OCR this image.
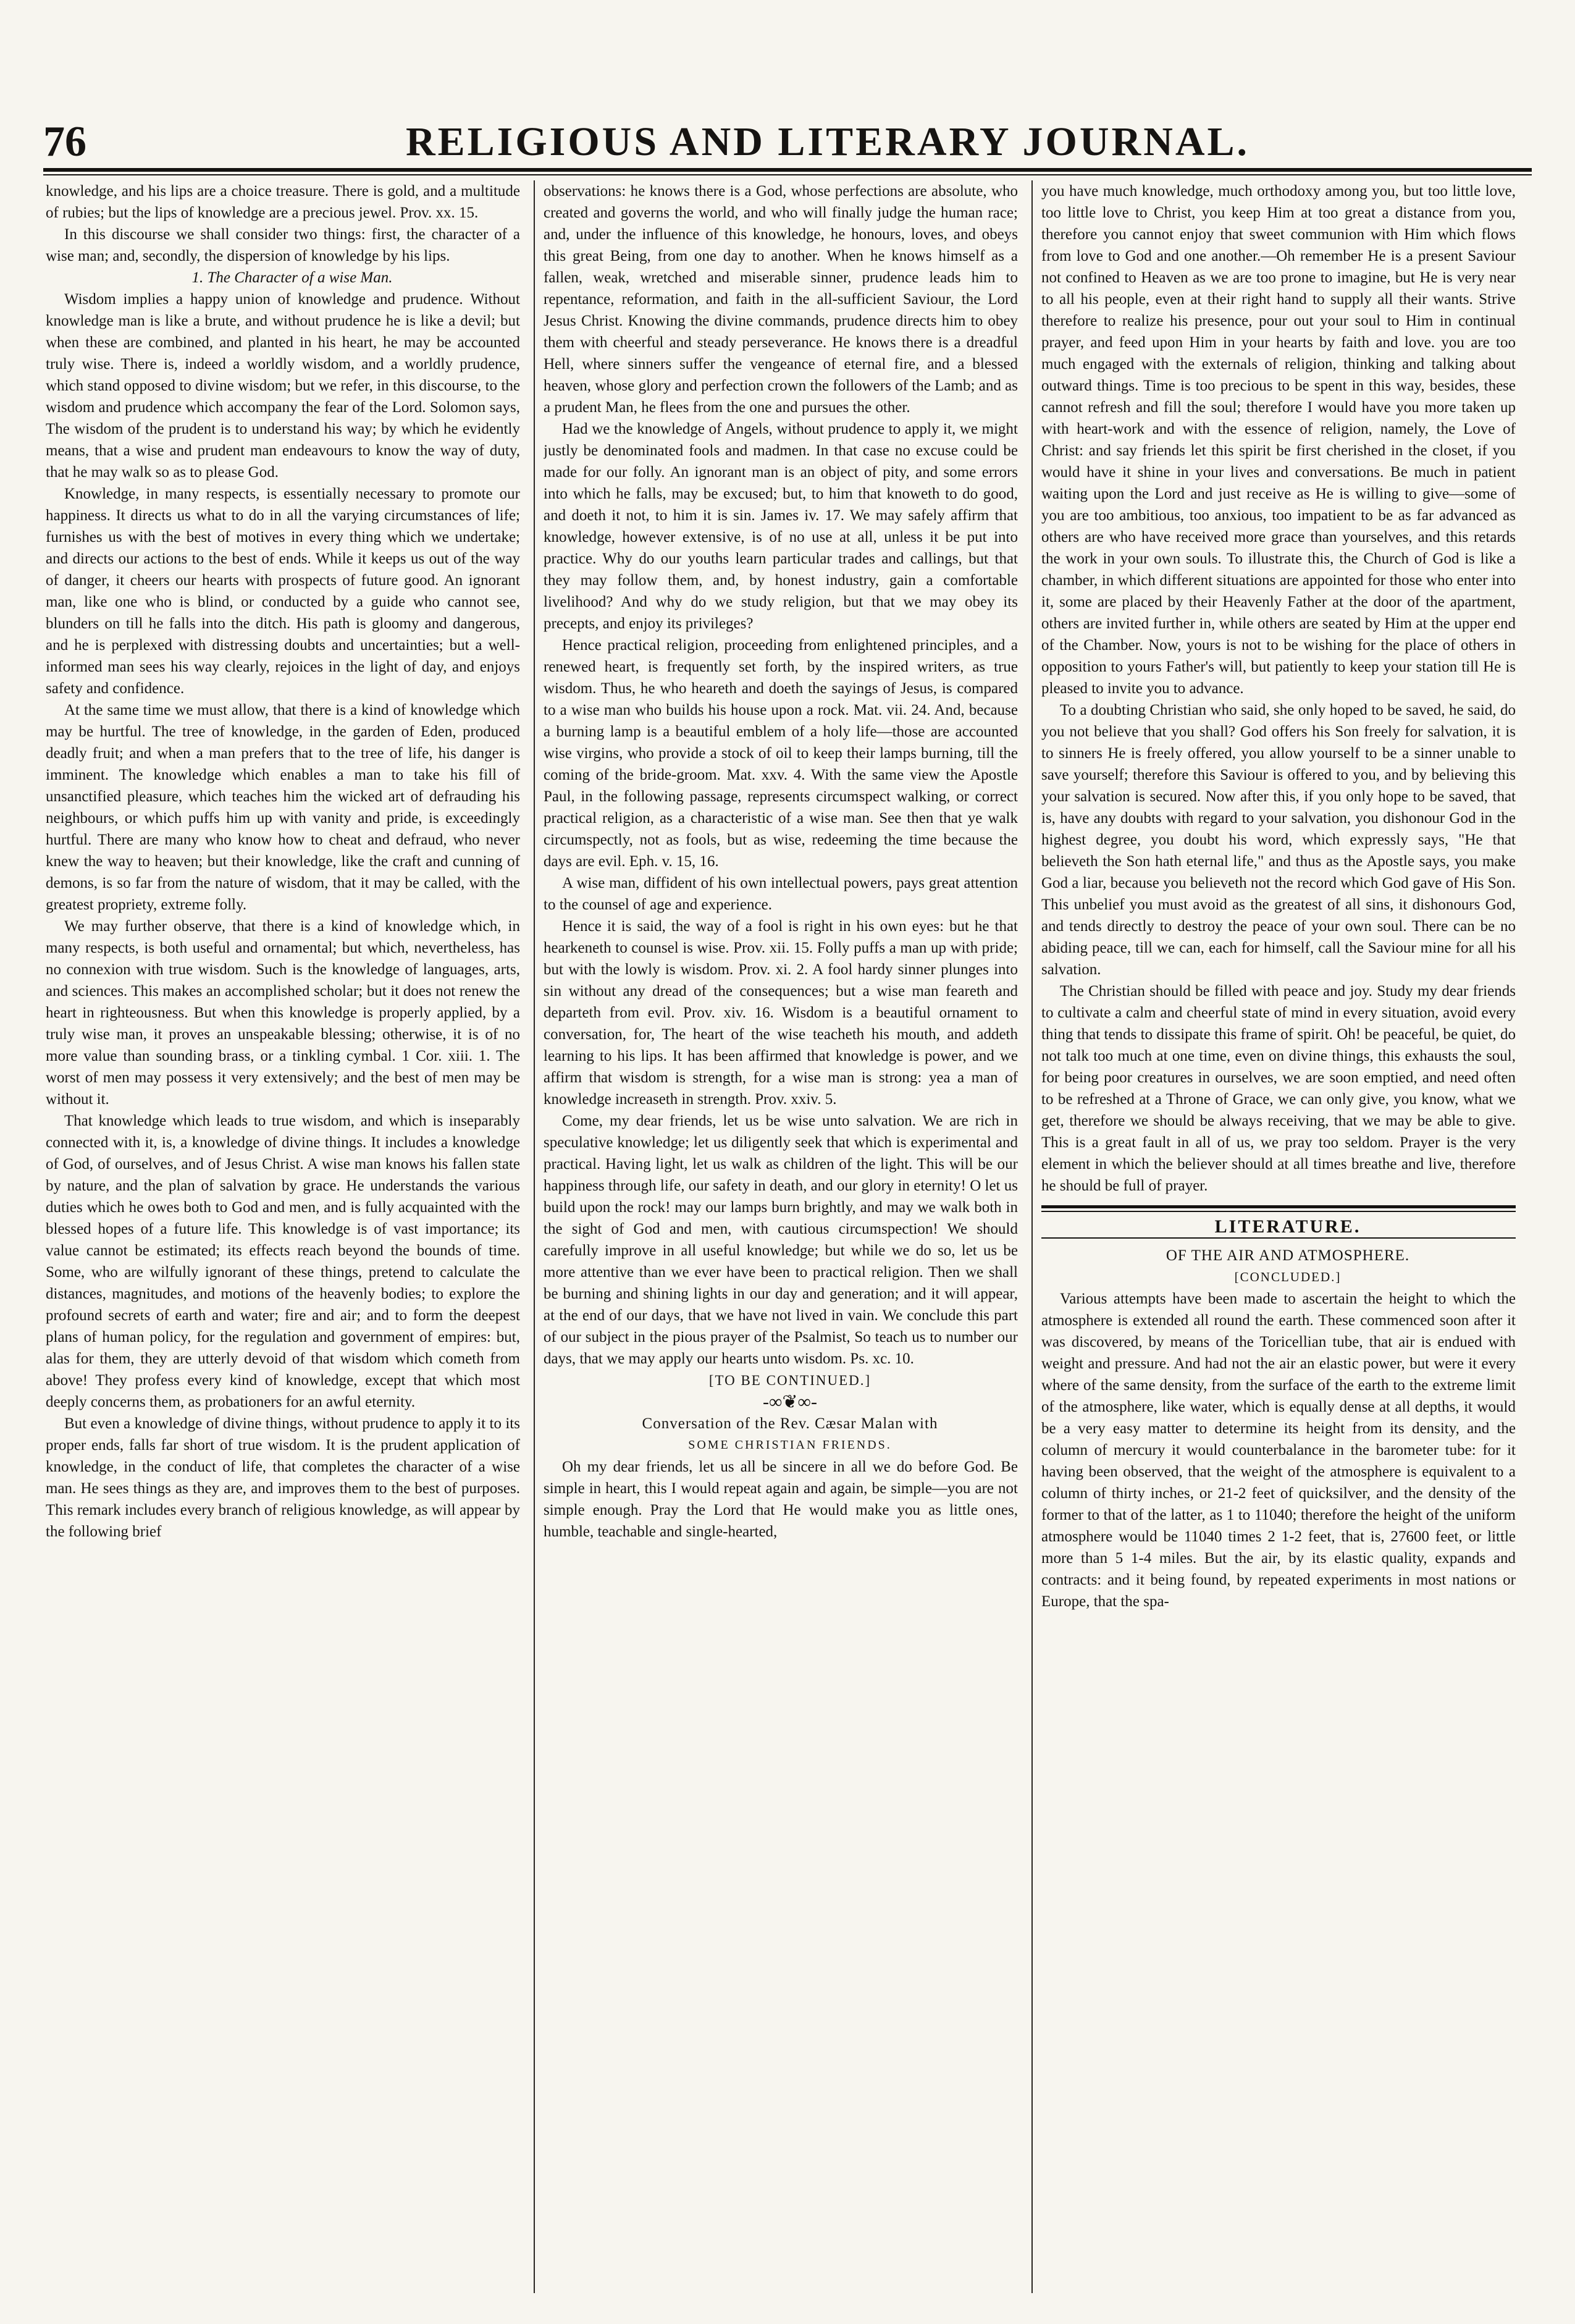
76	RELIGIOUS AND LITERARY JOURNAL.

knowledge, and his lips are a choice treasure. There is gold, and a multitude of rubies; but the lips of knowledge are a precious jewel. Prov. xx. 15.

In this discourse we shall consider two things: first, the character of a wise man; and, secondly, the dispersion of knowledge by his lips.

1. The Character of a wise Man.

Wisdom implies a happy union of knowledge and prudence. Without knowledge man is like a brute, and without prudence he is like a devil; but when these are combined, and planted in his heart, he may be accounted truly wise. There is, indeed a worldly wisdom, and a worldly prudence, which stand opposed to divine wisdom; but we refer, in this discourse, to the wisdom and prudence which accompany the fear of the Lord. Solomon says, The wisdom of the prudent is to understand his way; by which he evidently means, that a wise and prudent man endeavours to know the way of duty, that he may walk so as to please God.

Knowledge, in many respects, is essentially necessary to promote our happiness. It directs us what to do in all the varying circumstances of life; furnishes us with the best of motives in every thing which we undertake; and directs our actions to the best of ends. While it keeps us out of the way of danger, it cheers our hearts with prospects of future good. An ignorant man, like one who is blind, or conducted by a guide who cannot see, blunders on till he falls into the ditch. His path is gloomy and dangerous, and he is perplexed with distressing doubts and uncertainties; but a well-informed man sees his way clearly, rejoices in the light of day, and enjoys safety and confidence.

At the same time we must allow, that there is a kind of knowledge which may be hurtful. The tree of knowledge, in the garden of Eden, produced deadly fruit; and when a man prefers that to the tree of life, his danger is imminent. The knowledge which enables a man to take his fill of unsanctified pleasure, which teaches him the wicked art of defrauding his neighbours, or which puffs him up with vanity and pride, is exceedingly hurtful. There are many who know how to cheat and defraud, who never knew the way to heaven; but their knowledge, like the craft and cunning of demons, is so far from the nature of wisdom, that it may be called, with the greatest propriety, extreme folly.

We may further observe, that there is a kind of knowledge which, in many respects, is both useful and ornamental; but which, nevertheless, has no connexion with true wisdom. Such is the knowledge of languages, arts, and sciences. This makes an accomplished scholar; but it does not renew the heart in righteousness. But when this knowledge is properly applied, by a truly wise man, it proves an unspeakable blessing; otherwise, it is of no more value than sounding brass, or a tinkling cymbal. 1 Cor. xiii. 1. The worst of men may possess it very extensively; and the best of men may be without it.

That knowledge which leads to true wisdom, and which is inseparably connected with it, is, a knowledge of divine things. It includes a knowledge of God, of ourselves, and of Jesus Christ. A wise man knows his fallen state by nature, and the plan of salvation by grace. He understands the various duties which he owes both to God and men, and is fully acquainted with the blessed hopes of a future life. This knowledge is of vast importance; its value cannot be estimated; its effects reach beyond the bounds of time. Some, who are wilfully ignorant of these things, pretend to calculate the distances, magnitudes, and motions of the heavenly bodies; to explore the profound secrets of earth and water; fire and air; and to form the deepest plans of human policy, for the regulation and government of empires: but, alas for them, they are utterly devoid of that wisdom which cometh from above! They profess every kind of knowledge, except that which most deeply concerns them, as probationers for an awful eternity.

But even a knowledge of divine things, without prudence to apply it to its proper ends, falls far short of true wisdom. It is the prudent application of knowledge, in the conduct of life, that completes the character of a wise man. He sees things as they are, and improves them to the best of purposes. This remark includes every branch of religious knowledge, as will appear by the following brief

observations: he knows there is a God, whose perfections are absolute, who created and governs the world, and who will finally judge the human race; and, under the influence of this knowledge, he honours, loves, and obeys this great Being, from one day to another. When he knows himself as a fallen, weak, wretched and miserable sinner, prudence leads him to repentance, reformation, and faith in the all-sufficient Saviour, the Lord Jesus Christ. Knowing the divine commands, prudence directs him to obey them with cheerful and steady perseverance. He knows there is a dreadful Hell, where sinners suffer the vengeance of eternal fire, and a blessed heaven, whose glory and perfection crown the followers of the Lamb; and as a prudent Man, he flees from the one and pursues the other.

Had we the knowledge of Angels, without prudence to apply it, we might justly be denominated fools and madmen. In that case no excuse could be made for our folly. An ignorant man is an object of pity, and some errors into which he falls, may be excused; but, to him that knoweth to do good, and doeth it not, to him it is sin. James iv. 17. We may safely affirm that knowledge, however extensive, is of no use at all, unless it be put into practice. Why do our youths learn particular trades and callings, but that they may follow them, and, by honest industry, gain a comfortable livelihood? And why do we study religion, but that we may obey its precepts, and enjoy its privileges?

Hence practical religion, proceeding from enlightened principles, and a renewed heart, is frequently set forth, by the inspired writers, as true wisdom. Thus, he who heareth and doeth the sayings of Jesus, is compared to a wise man who builds his house upon a rock. Mat. vii. 24. And, because a burning lamp is a beautiful emblem of a holy life—those are accounted wise virgins, who provide a stock of oil to keep their lamps burning, till the coming of the bride-groom. Mat. xxv. 4. With the same view the Apostle Paul, in the following passage, represents circumspect walking, or correct practical religion, as a characteristic of a wise man. See then that ye walk circumspectly, not as fools, but as wise, redeeming the time because the days are evil. Eph. v. 15, 16.

A wise man, diffident of his own intellectual powers, pays great attention to the counsel of age and experience.

Hence it is said, the way of a fool is right in his own eyes: but he that hearkeneth to counsel is wise. Prov. xii. 15. Folly puffs a man up with pride; but with the lowly is wisdom. Prov. xi. 2. A fool hardy sinner plunges into sin without any dread of the consequences; but a wise man feareth and departeth from evil. Prov. xiv. 16. Wisdom is a beautiful ornament to conversation, for, The heart of the wise teacheth his mouth, and addeth learning to his lips. It has been affirmed that knowledge is power, and we affirm that wisdom is strength, for a wise man is strong: yea a man of knowledge increaseth in strength. Prov. xxiv. 5.

Come, my dear friends, let us be wise unto salvation. We are rich in speculative knowledge; let us diligently seek that which is experimental and practical. Having light, let us walk as children of the light. This will be our happiness through life, our safety in death, and our glory in eternity! O let us build upon the rock! may our lamps burn brightly, and may we walk both in the sight of God and men, with cautious circumspection! We should carefully improve in all useful knowledge; but while we do so, let us be more attentive than we ever have been to practical religion. Then we shall be burning and shining lights in our day and generation; and it will appear, at the end of our days, that we have not lived in vain. We conclude this part of our subject in the pious prayer of the Psalmist, So teach us to number our days, that we may apply our hearts unto wisdom. Ps. xc. 10.

[TO BE CONTINUED.]

-∞❦∞-

Conversation of the Rev. Cæsar Malan with

SOME CHRISTIAN FRIENDS.

Oh my dear friends, let us all be sincere in all we do before God. Be simple in heart, this I would repeat again and again, be simple—you are not simple enough. Pray the Lord that He would make you as little ones, humble, teachable and single-hearted,

you have much knowledge, much orthodoxy among you, but too little love, too little love to Christ, you keep Him at too great a distance from you, therefore you cannot enjoy that sweet communion with Him which flows from love to God and one another.—Oh remember He is a present Saviour not confined to Heaven as we are too prone to imagine, but He is very near to all his people, even at their right hand to supply all their wants. Strive therefore to realize his presence, pour out your soul to Him in continual prayer, and feed upon Him in your hearts by faith and love. you are too much engaged with the externals of religion, thinking and talking about outward things. Time is too precious to be spent in this way, besides, these cannot refresh and fill the soul; therefore I would have you more taken up with heart-work and with the essence of religion, namely, the Love of Christ: and say friends let this spirit be first cherished in the closet, if you would have it shine in your lives and conversations. Be much in patient waiting upon the Lord and just receive as He is willing to give—some of you are too ambitious, too anxious, too impatient to be as far advanced as others are who have received more grace than yourselves, and this retards the work in your own souls. To illustrate this, the Church of God is like a chamber, in which different situations are appointed for those who enter into it, some are placed by their Heavenly Father at the door of the apartment, others are invited further in, while others are seated by Him at the upper end of the Chamber. Now, yours is not to be wishing for the place of others in opposition to yours Father's will, but patiently to keep your station till He is pleased to invite you to advance.

To a doubting Christian who said, she only hoped to be saved, he said, do you not believe that you shall? God offers his Son freely for salvation, it is to sinners He is freely offered, you allow yourself to be a sinner unable to save yourself; therefore this Saviour is offered to you, and by believing this your salvation is secured. Now after this, if you only hope to be saved, that is, have any doubts with regard to your salvation, you dishonour God in the highest degree, you doubt his word, which expressly says, "He that believeth the Son hath eternal life," and thus as the Apostle says, you make God a liar, because you believeth not the record which God gave of His Son. This unbelief you must avoid as the greatest of all sins, it dishonours God, and tends directly to destroy the peace of your own soul. There can be no abiding peace, till we can, each for himself, call the Saviour mine for all his salvation.

The Christian should be filled with peace and joy. Study my dear friends to cultivate a calm and cheerful state of mind in every situation, avoid every thing that tends to dissipate this frame of spirit. Oh! be peaceful, be quiet, do not talk too much at one time, even on divine things, this exhausts the soul, for being poor creatures in ourselves, we are soon emptied, and need often to be refreshed at a Throne of Grace, we can only give, you know, what we get, therefore we should be always receiving, that we may be able to give. This is a great fault in all of us, we pray too seldom. Prayer is the very element in which the believer should at all times breathe and live, therefore he should be full of prayer.

LITERATURE.

OF THE AIR AND ATMOSPHERE.

[CONCLUDED.]

Various attempts have been made to ascertain the height to which the atmosphere is extended all round the earth. These commenced soon after it was discovered, by means of the Toricellian tube, that air is endued with weight and pressure. And had not the air an elastic power, but were it every where of the same density, from the surface of the earth to the extreme limit of the atmosphere, like water, which is equally dense at all depths, it would be a very easy matter to determine its height from its density, and the column of mercury it would counterbalance in the barometer tube: for it having been observed, that the weight of the atmosphere is equivalent to a column of thirty inches, or 21-2 feet of quicksilver, and the density of the former to that of the latter, as 1 to 11040; therefore the height of the uniform atmosphere would be 11040 times 2 1-2 feet, that is, 27600 feet, or little more than 5 1-4 miles. But the air, by its elastic quality, expands and contracts: and it being found, by repeated experiments in most nations or Europe, that the spa-
